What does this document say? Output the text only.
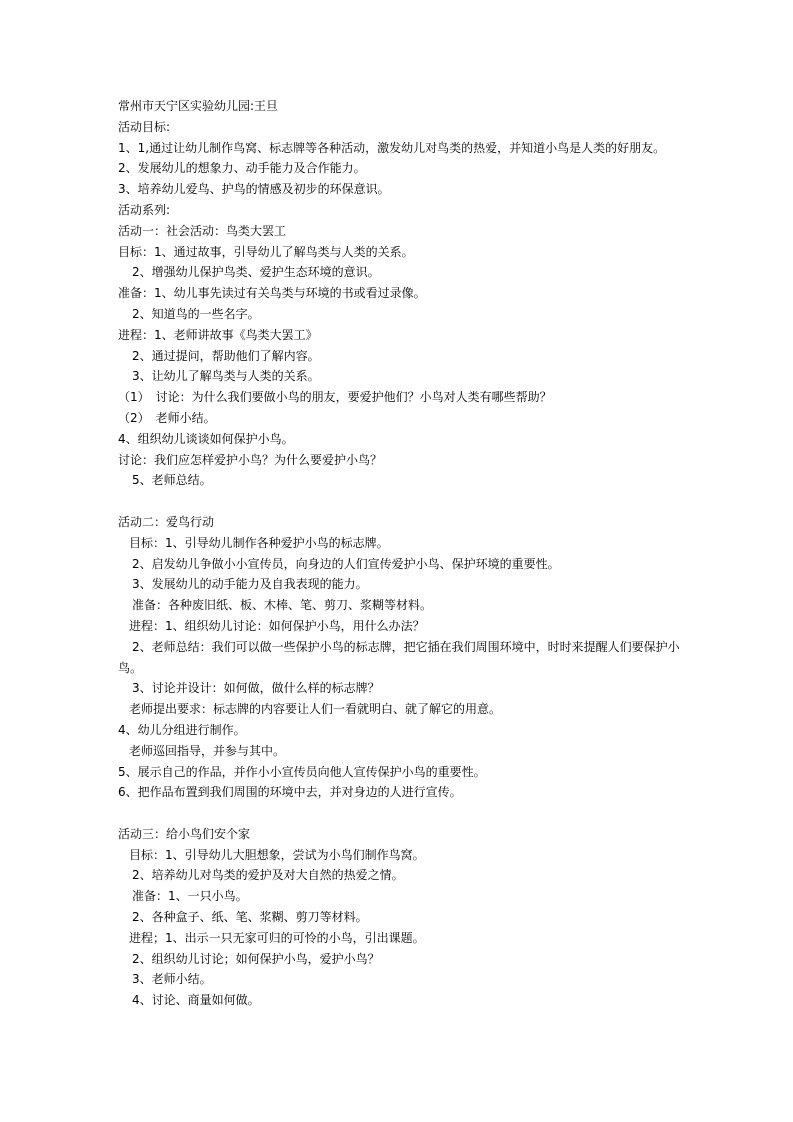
常州市天宁区实验幼儿园:王旦
活动目标:
1、1,通过让幼儿制作鸟窝、标志牌等各种活动，激发幼儿对鸟类的热爱，并知道小鸟是人类的好朋友。
2、发展幼儿的想象力、动手能力及合作能力。
3、培养幼儿爱鸟、护鸟的情感及初步的环保意识。
活动系列:
活动一：社会活动：鸟类大罢工
目标：1、通过故事，引导幼儿了解鸟类与人类的关系。
2、增强幼儿保护鸟类、爱护生态环境的意识。
准备：1、幼儿事先读过有关鸟类与环境的书或看过录像。
2、知道鸟的一些名字。
进程：1、老师讲故事《鸟类大罢工》
2、通过提问，帮助他们了解内容。
3、让幼儿了解鸟类与人类的关系。
（1）　讨论：为什么我们要做小鸟的朋友，要爱护他们？小鸟对人类有哪些帮助？
（2）　老师小结。
4、组织幼儿谈谈如何保护小鸟。
讨论：我们应怎样爱护小鸟？为什么要爱护小鸟？
5、老师总结。
活动二：爱鸟行动
目标：1、引导幼儿制作各种爱护小鸟的标志牌。
2、启发幼儿争做小小宣传员，向身边的人们宣传爱护小鸟、保护环境的重要性。
3、发展幼儿的动手能力及自我表现的能力。
准备：各种废旧纸、板、木棒、笔、剪刀、浆糊等材料。
进程：1、组织幼儿讨论：如何保护小鸟，用什么办法？
2、老师总结：我们可以做一些保护小鸟的标志牌，把它插在我们周围环境中，时时来提醒人们要保护小
鸟。
3、讨论并设计：如何做，做什么样的标志牌？
老师提出要求：标志牌的内容要让人们一看就明白、就了解它的用意。
4、幼儿分组进行制作。
老师巡回指导，并参与其中。
5、展示自己的作品，并作小小宣传员向他人宣传保护小鸟的重要性。
6、把作品布置到我们周围的环境中去，并对身边的人进行宣传。
活动三：给小鸟们安个家
目标：1、引导幼儿大胆想象，尝试为小鸟们制作鸟窝。
2、培养幼儿对鸟类的爱护及对大自然的热爱之情。
准备：1、一只小鸟。
2、各种盒子、纸、笔、浆糊、剪刀等材料。
进程；1、出示一只无家可归的可怜的小鸟，引出课题。
2、组织幼儿讨论；如何保护小鸟，爱护小鸟？
3、老师小结。
4、讨论、商量如何做。
